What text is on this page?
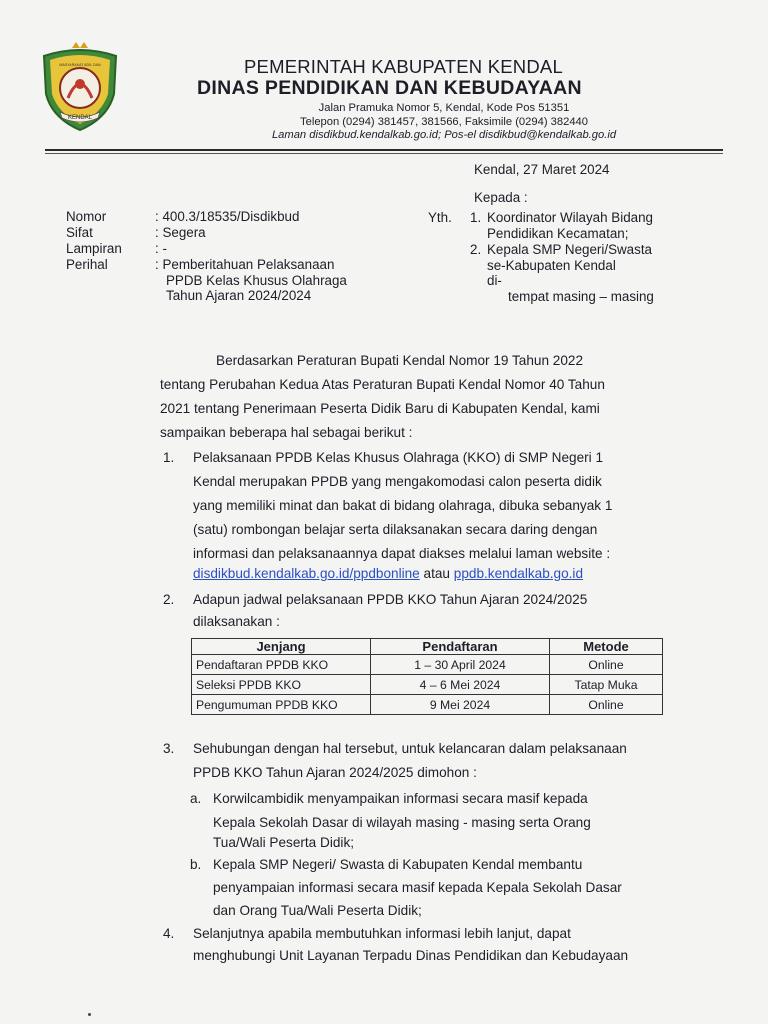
KENDAL
MASYARAKAT ADIL DAN	PEMERINTAH KABUPATEN KENDAL
DINAS PENDIDIKAN DAN KEBUDAYAAN
Jalan Pramuka Nomor 5, Kendal, Kode Pos 51351
Telepon (0294) 381457, 381566, Faksimile (0294) 382440
Laman disdikbud.kendalkab.go.id; Pos-el disdikbud@kendalkab.go.id
Kendal, 27 Maret 2024
Kepada :
Yth. 1. Koordinator Wilayah Bidang
Pendidikan Kecamatan;
2. Kepala SMP Negeri/Swasta
se-Kabupaten Kendal
di-
tempat masing – masing
Nomor	: 400.3/18535/Disdikbud
Sifat	: Segera
Lampiran : -
Perihal	: Pemberitahuan Pelaksanaan
PPDB Kelas Khusus Olahraga
Tahun Ajaran 2024/2024
Berdasarkan Peraturan Bupati Kendal Nomor 19 Tahun 2022
tentang Perubahan Kedua Atas Peraturan Bupati Kendal Nomor 40 Tahun
2021 tentang Penerimaan Peserta Didik Baru di Kabupaten Kendal, kami
sampaikan beberapa hal sebagai berikut :
1. Pelaksanaan PPDB Kelas Khusus Olahraga (KKO) di SMP Negeri 1
Kendal merupakan PPDB yang mengakomodasi calon peserta didik
yang memiliki minat dan bakat di bidang olahraga, dibuka sebanyak 1
(satu) rombongan belajar serta dilaksanakan secara daring dengan
informasi dan pelaksanaannya dapat diakses melalui laman website :
disdikbud.kendalkab.go.id/ppdbonline atau ppdb.kendalkab.go.id
2. Adapun jadwal pelaksanaan PPDB KKO Tahun Ajaran 2024/2025
dilaksanakan :
Jenjang	Pendaftaran	Metode
Pendaftaran PPDB KKO	1 – 30 April 2024	Online
Seleksi PPDB KKO	4 – 6 Mei 2024	Tatap Muka
Pengumuman PPDB KKO	9 Mei 2024	Online
3. Sehubungan dengan hal tersebut, untuk kelancaran dalam pelaksanaan
PPDB KKO Tahun Ajaran 2024/2025 dimohon :
a. Korwilcambidik menyampaikan informasi secara masif kepada
Kepala Sekolah Dasar di wilayah masing - masing serta Orang
Tua/Wali Peserta Didik;
b. Kepala SMP Negeri/ Swasta di Kabupaten Kendal membantu
penyampaian informasi secara masif kepada Kepala Sekolah Dasar
dan Orang Tua/Wali Peserta Didik;
4. Selanjutnya apabila membutuhkan informasi lebih lanjut, dapat
menghubungi Unit Layanan Terpadu Dinas Pendidikan dan Kebudayaan
